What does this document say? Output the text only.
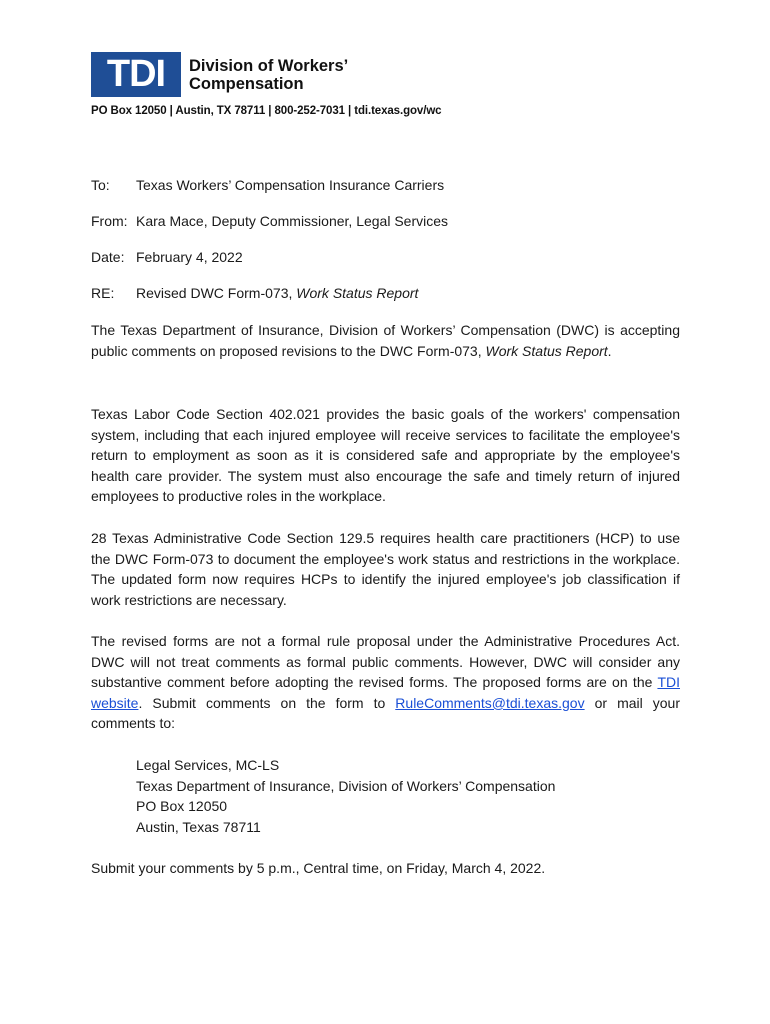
TDI	Division of Workers’
Compensation
PO Box 12050 | Austin, TX 78711 | 800-252-7031 | tdi.texas.gov/wc
To: Texas Workers’ Compensation Insurance Carriers
From: Kara Mace, Deputy Commissioner, Legal Services
Date: February 4, 2022
RE: Revised DWC Form-073, Work Status Report
The Texas Department of Insurance, Division of Workers’ Compensation (DWC) is accepting public comments on proposed revisions to the DWC Form-073, Work Status Report.
Texas Labor Code Section 402.021 provides the basic goals of the workers' compensation system, including that each injured employee will receive services to facilitate the employee's return to employment as soon as it is considered safe and appropriate by the employee's health care provider. The system must also encourage the safe and timely return of injured employees to productive roles in the workplace.
28 Texas Administrative Code Section 129.5 requires health care practitioners (HCP) to use the DWC Form-073 to document the employee's work status and restrictions in the workplace. The updated form now requires HCPs to identify the injured employee's job classification if work restrictions are necessary.
The revised forms are not a formal rule proposal under the Administrative Procedures Act. DWC will not treat comments as formal public comments. However, DWC will consider any substantive comment before adopting the revised forms. The proposed forms are on the TDI website. Submit comments on the form to RuleComments@tdi.texas.gov or mail your comments to:
Legal Services, MC-LS
Texas Department of Insurance, Division of Workers’ Compensation
PO Box 12050
Austin, Texas 78711
Submit your comments by 5 p.m., Central time, on Friday, March 4, 2022.
